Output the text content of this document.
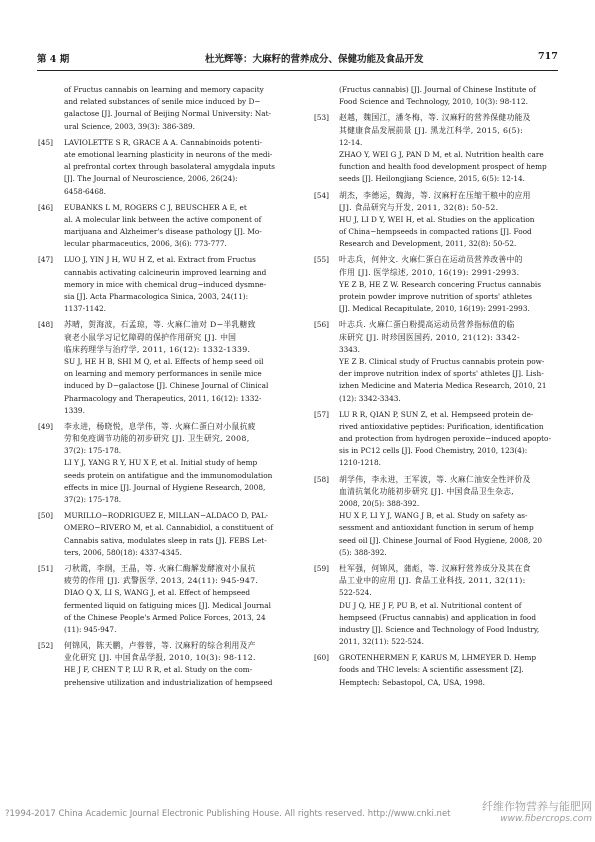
第 4 期	杜光辉等：大麻籽的营养成分、保健功能及食品开发	717
of Fructus cannabis on learning and memory capacity
and related substances of senile mice induced by D−
galactose [J]. Journal of Beijing Normal University: Nat-
ural Science, 2003, 39(3): 386-389.
[45] LAVIOLETTE S R, GRACE A A. Cannabinoids potenti-
ate emotional learning plasticity in neurons of the medi-
al prefrontal cortex through basolateral amygdala inputs
[J]. The Journal of Neuroscience, 2006, 26(24):
6458-6468.
[46] EUBANKS L M, ROGERS C J, BEUSCHER A E, et
al. A molecular link between the active component of
marijuana and Alzheimer's disease pathology [J]. Mo-
lecular pharmaceutics, 2006, 3(6): 773-777.
[47] LUO J, YIN J H, WU H Z, et al. Extract from Fructus
cannabis activating calcineurin improved learning and
memory in mice with chemical drug−induced dysmne-
sia [J]. Acta Pharmacologica Sinica, 2003, 24(11):
1137-1142.
[48] 苏晴，贺海波，石孟琼，等. 火麻仁油对 D−半乳糖致
衰老小鼠学习记忆障碍的保护作用研究 [J]. 中国
临床药理学与治疗学, 2011, 16(12): 1332-1339.
SU J, HE H B, SHI M Q, et al. Effects of hemp seed oil
on learning and memory performances in senile mice
induced by D−galactose [J]. Chinese Journal of Clinical
Pharmacology and Therapeutics, 2011, 16(12): 1332-
1339.
[49] 李永进，杨晓悦，息学伟，等. 火麻仁蛋白对小鼠抗疲
劳和免疫调节功能的初步研究 [J]. 卫生研究, 2008,
37(2): 175-178.
LI Y J, YANG R Y, HU X F, et al. Initial study of hemp
seeds protein on antifatigue and the immunomodulation
effects in mice [J]. Journal of Hygiene Research, 2008,
37(2): 175-178.
[50] MURILLO−RODRIGUEZ E, MILLAN−ALDACO D, PAL-
OMERO−RIVERO M, et al. Cannabidiol, a constituent of
Cannabis sativa, modulates sleep in rats [J]. FEBS Let-
ters, 2006, 580(18): 4337-4345.
[51] 刁秋霞，李纲，王晶，等. 火麻仁酶解发酵液对小鼠抗
疲劳的作用 [J]. 武警医学, 2013, 24(11): 945-947.
DIAO Q X, LI S, WANG J, et al. Effect of hempseed
fermented liquid on fatiguing mices [J]. Medical Journal
of the Chinese People's Armed Police Forces, 2013, 24
(11): 945-947.
[52] 何锦风，陈天鹏，卢蓉蓉，等. 汉麻籽的综合利用及产
业化研究 [J]. 中国食品学报, 2010, 10(3): 98-112.
HE J F, CHEN T P, LU R R, et al. Study on the com-
prehensive utilization and industrialization of hempseed
(Fructus cannabis) [J]. Journal of Chinese Institute of
Food Science and Technology, 2010, 10(3): 98-112.
[53] 赵越，魏国江，潘冬梅，等. 汉麻籽的营养保健功能及
其健康食品发展前景 [J]. 黑龙江科学, 2015, 6(5):
12-14.
ZHAO Y, WEI G J, PAN D M, et al. Nutrition health care
function and health food development prospect of hemp
seeds [J]. Heilongjiang Science, 2015, 6(5): 12-14.
[54] 胡杰，李德运，魏海，等. 汉麻籽在压缩干粮中的应用
[J]. 食品研究与开发, 2011, 32(8): 50-52.
HU J, LI D Y, WEI H, et al. Studies on the application
of China−hempseeds in compacted rations [J]. Food
Research and Development, 2011, 32(8): 50-52.
[55] 叶志兵，何仲文. 火麻仁蛋白在运动员营养改善中的
作用 [J]. 医学综述, 2010, 16(19): 2991-2993.
YE Z B, HE Z W. Research concering Fructus cannabis
protein powder improve nutrition of sports' athletes
[J]. Medical Recapitulate, 2010, 16(19): 2991-2993.
[56] 叶志兵. 火麻仁蛋白粉提高运动员营养指标值的临
床研究 [J]. 时珍国医国药, 2010, 21(12): 3342-
3343.
YE Z B. Clinical study of Fructus cannabis protein pow-
der improve nutrition index of sports' athletes [J]. Lish-
izhen Medicine and Materia Medica Research, 2010, 21
(12): 3342-3343.
[57] LU R R, QIAN P, SUN Z, et al. Hempseed protein de-
rived antioxidative peptides: Purification, identification
and protection from hydrogen peroxide−induced apopto-
sis in PC12 cells [J]. Food Chemistry, 2010, 123(4):
1210-1218.
[58] 胡学伟，李永进，王军波，等. 火麻仁油安全性评价及
血清抗氧化功能初步研究 [J]. 中国食品卫生杂志,
2008, 20(5): 388-392.
HU X F, LI Y J, WANG J B, et al. Study on safety as-
sessment and antioxidant function in serum of hemp
seed oil [J]. Chinese Journal of Food Hygiene, 2008, 20
(5): 388-392.
[59] 杜军强，何锦风，蒲彪，等. 汉麻籽营养成分及其在食
品工业中的应用 [J]. 食品工业科技, 2011, 32(11):
522-524.
DU J Q, HE J F, PU B, et al. Nutritional content of
hempseed (Fructus cannabis) and application in food
industry [J]. Science and Technology of Food Industry,
2011, 32(11): 522-524.
[60] GROTENHERMEN F, KARUS M, LHMEYER D. Hemp
foods and THC levels: A scientific assessment [Z].
Hemptech: Sebastopol, CA, USA, 1998.
?1994-2017 China Academic Journal Electronic Publishing House. All rights reserved. http://www.cnki.net
纤维作物营养与能肥网
www.fibercrops.com
